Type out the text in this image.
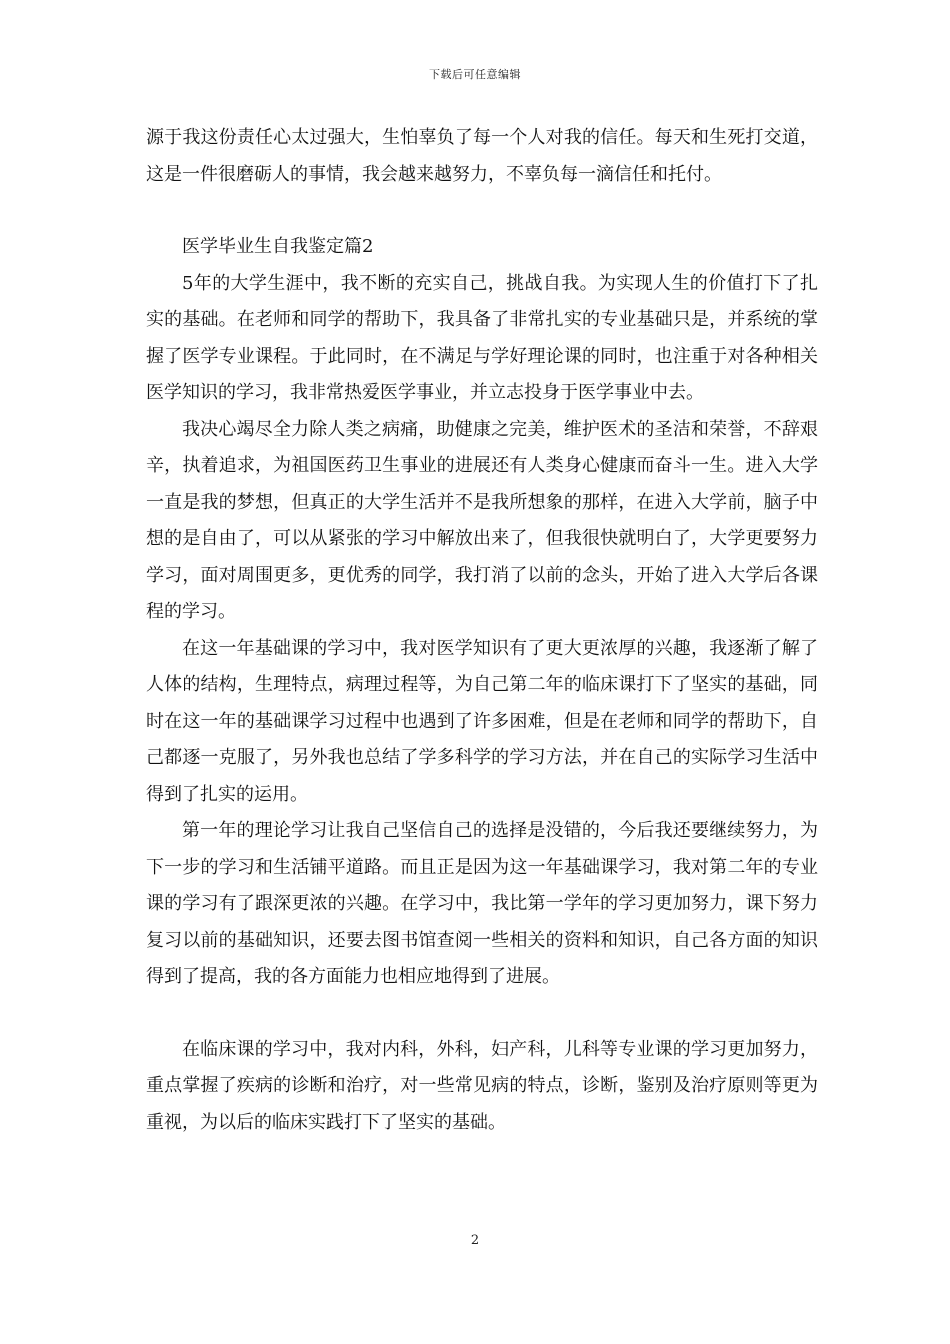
下载后可任意编辑

源于我这份责任心太过强大，生怕辜负了每一个人对我的信任。每天和生死打交道，这是一件很磨砺人的事情，我会越来越努力，不辜负每一滴信任和托付。

医学毕业生自我鉴定篇2

5年的大学生涯中，我不断的充实自己，挑战自我。为实现人生的价值打下了扎实的基础。在老师和同学的帮助下，我具备了非常扎实的专业基础只是，并系统的掌握了医学专业课程。于此同时，在不满足与学好理论课的同时，也注重于对各种相关医学知识的学习，我非常热爱医学事业，并立志投身于医学事业中去。

我决心竭尽全力除人类之病痛，助健康之完美，维护医术的圣洁和荣誉，不辞艰辛，执着追求，为祖国医药卫生事业的进展还有人类身心健康而奋斗一生。进入大学一直是我的梦想，但真正的大学生活并不是我所想象的那样，在进入大学前，脑子中想的是自由了，可以从紧张的学习中解放出来了，但我很快就明白了，大学更要努力学习，面对周围更多，更优秀的同学，我打消了以前的念头，开始了进入大学后各课程的学习。

在这一年基础课的学习中，我对医学知识有了更大更浓厚的兴趣，我逐渐了解了人体的结构，生理特点，病理过程等，为自己第二年的临床课打下了坚实的基础，同时在这一年的基础课学习过程中也遇到了许多困难，但是在老师和同学的帮助下，自己都逐一克服了，另外我也总结了学多科学的学习方法，并在自己的实际学习生活中得到了扎实的运用。

第一年的理论学习让我自己坚信自己的选择是没错的，今后我还要继续努力，为下一步的学习和生活铺平道路。而且正是因为这一年基础课学习，我对第二年的专业课的学习有了跟深更浓的兴趣。在学习中，我比第一学年的学习更加努力，课下努力复习以前的基础知识，还要去图书馆查阅一些相关的资料和知识，自己各方面的知识得到了提高，我的各方面能力也相应地得到了进展。

在临床课的学习中，我对内科，外科，妇产科，儿科等专业课的学习更加努力，重点掌握了疾病的诊断和治疗，对一些常见病的特点，诊断，鉴别及治疗原则等更为重视，为以后的临床实践打下了坚实的基础。

2
